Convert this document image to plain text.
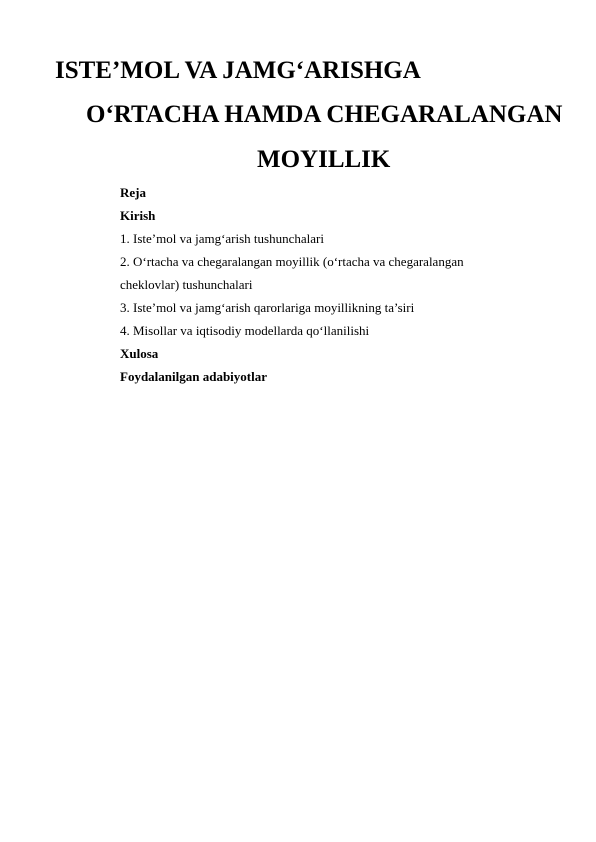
ISTE’MOL VA JAMG‘ARISHGA
O‘RTACHA HAMDA CHEGARALANGAN
MOYILLIK
Reja
Kirish
1. Iste’mol va jamg‘arish tushunchalari
2. O‘rtacha va chegaralangan moyillik (o‘rtacha va chegaralangan
cheklovlar) tushunchalari
3. Iste’mol va jamg‘arish qarorlariga moyillikning ta’siri
4. Misollar va iqtisodiy modellarda qo‘llanilishi
Xulosa
Foydalanilgan adabiyotlar
